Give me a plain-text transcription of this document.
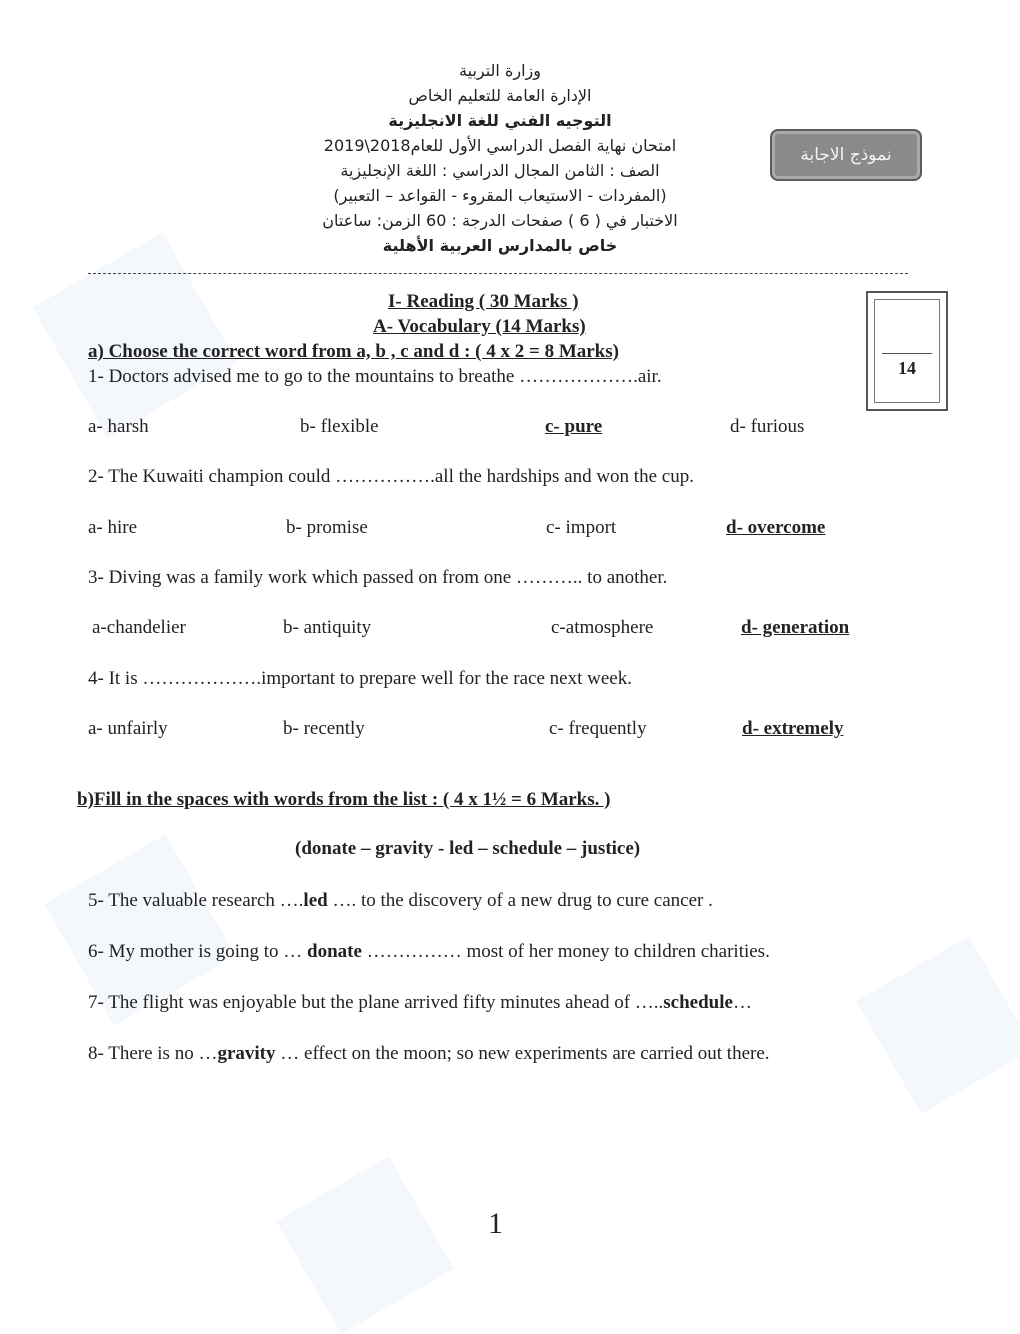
وزارة التربية
الإدارة العامة للتعليم الخاص
التوجيه الفني للغة الانجليزية
امتحان نهاية الفصل الدراسي الأول للعام2018\2019
الصف : الثامن المجال الدراسي : اللغة الإنجليزية
(المفردات - الاستيعاب المقروء - القواعد – التعبير)
الاختبار في ( 6 ) صفحات الدرجة : 60 الزمن: ساعتان
خاص بالمدارس العربية الأهلية
نموذج الاجابة
I- Reading ( 30 Marks )
A- Vocabulary (14 Marks)
14
a) Choose the correct word from a, b , c and d : ( 4 x 2 = 8 Marks)
1- Doctors advised me to go to the mountains to breathe ……………….air.
a- harsh	b- flexible	c- pure	d- furious
2- The Kuwaiti champion could …………….all the hardships and won the cup.
a- hire	b- promise	c- import	d- overcome
3- Diving was a family work which passed on from one ……….. to another.
a-chandelier	b- antiquity	c-atmosphere	d- generation
4- It is ……………….important to prepare well for the race next week.
a- unfairly	b- recently	c- frequently	d- extremely
b)Fill in the spaces with words from the list : ( 4 x 1½ = 6 Marks. )
(donate – gravity - led – schedule – justice)
5- The valuable research ….led …. to the discovery of a new drug to cure cancer .
6- My mother is going to … donate …………… most of her money to children charities.
7- The flight was enjoyable but the plane arrived fifty minutes ahead of …..schedule…
8- There is no …gravity … effect on the moon; so new experiments are carried out there.
1
